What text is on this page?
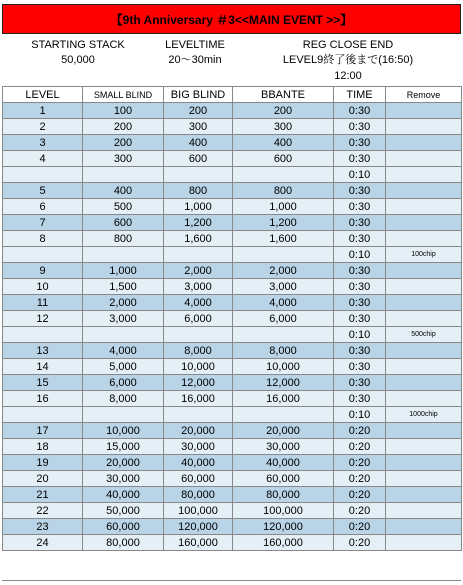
【9th Anniversary ＃3<<MAIN EVENT >>】
STARTING STACK
50,000
LEVELTIME
20～30min
REG CLOSE END
LEVEL9終了後まで(16:50)
12:00
LEVEL	SMALL BLIND	BIG BLIND	BBANTE	TIME	Remove
1	100	200	200	0:30	
2	200	300	300	0:30	
3	200	400	400	0:30	
4	300	600	600	0:30	
				0:10	
5	400	800	800	0:30	
6	500	1,000	1,000	0:30	
7	600	1,200	1,200	0:30	
8	800	1,600	1,600	0:30	
				0:10	100chip
9	1,000	2,000	2,000	0:30	
10	1,500	3,000	3,000	0:30	
11	2,000	4,000	4,000	0:30	
12	3,000	6,000	6,000	0:30	
				0:10	500chip
13	4,000	8,000	8,000	0:30	
14	5,000	10,000	10,000	0:30	
15	6,000	12,000	12,000	0:30	
16	8,000	16,000	16,000	0:30	
				0:10	1000chip
17	10,000	20,000	20,000	0:20	
18	15,000	30,000	30,000	0:20	
19	20,000	40,000	40,000	0:20	
20	30,000	60,000	60,000	0:20	
21	40,000	80,000	80,000	0:20	
22	50,000	100,000	100,000	0:20	
23	60,000	120,000	120,000	0:20	
24	80,000	160,000	160,000	0:20	
